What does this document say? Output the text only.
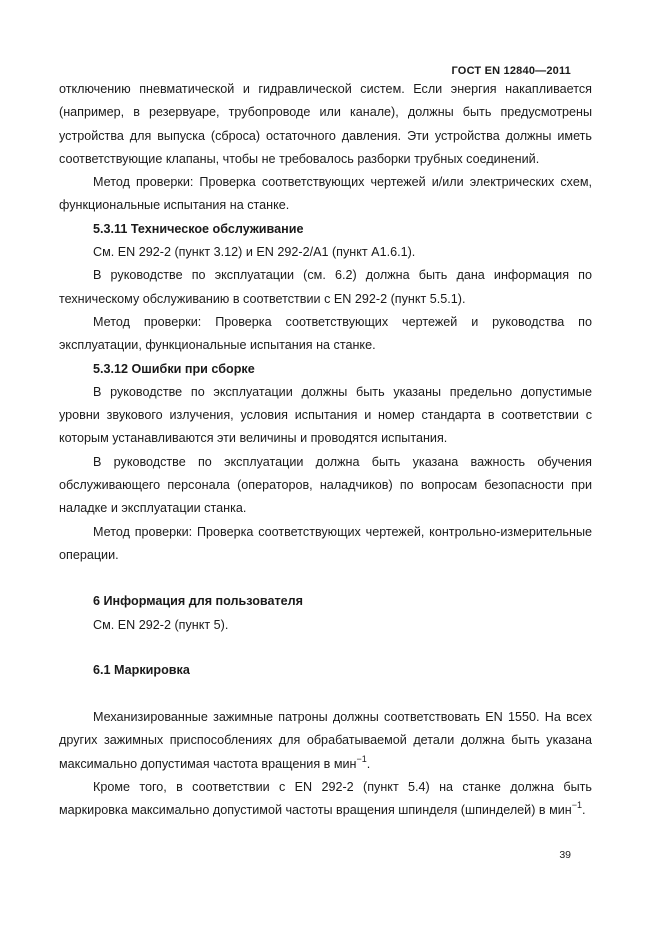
ГОСТ EN 12840—2011

отключению пневматической и гидравлической систем. Если энергия накапливается (например, в резервуаре, трубопроводе или канале), должны быть предусмотрены устройства для выпуска (сброса) остаточного давления. Эти устройства должны иметь соответствующие клапаны, чтобы не требовалось разборки трубных соединений.

Метод проверки: Проверка соответствующих чертежей и/или электрических схем, функциональные испытания на станке.

5.3.11 Техническое обслуживание

См. EN 292-2 (пункт 3.12) и EN 292-2/А1 (пункт А1.6.1).

В руководстве по эксплуатации (см. 6.2) должна быть дана информация по техническому обслуживанию в соответствии с EN 292-2 (пункт 5.5.1).

Метод проверки: Проверка соответствующих чертежей и руководства по эксплуатации, функциональные испытания на станке.

5.3.12 Ошибки при сборке

В руководстве по эксплуатации должны быть указаны предельно допустимые уровни звукового излучения, условия испытания и номер стандарта в соответствии с которым устанавливаются эти величины и проводятся испытания.

В руководстве по эксплуатации должна быть указана важность обучения обслуживающего персонала (операторов, наладчиков) по вопросам безопасности при наладке и эксплуатации станка.

Метод проверки: Проверка соответствующих чертежей, контрольно-измерительные операции.

6 Информация для пользователя

См. EN 292-2 (пункт 5).

6.1 Маркировка

Механизированные зажимные патроны должны соответствовать EN 1550. На всех других зажимных приспособлениях для обрабатываемой детали должна быть указана максимально допустимая частота вращения в мин$^{-1}$.

Кроме того, в соответствии с EN 292-2 (пункт 5.4) на станке должна быть маркировка максимально допустимой частоты вращения шпинделя (шпинделей) в мин$^{-1}$.

39
